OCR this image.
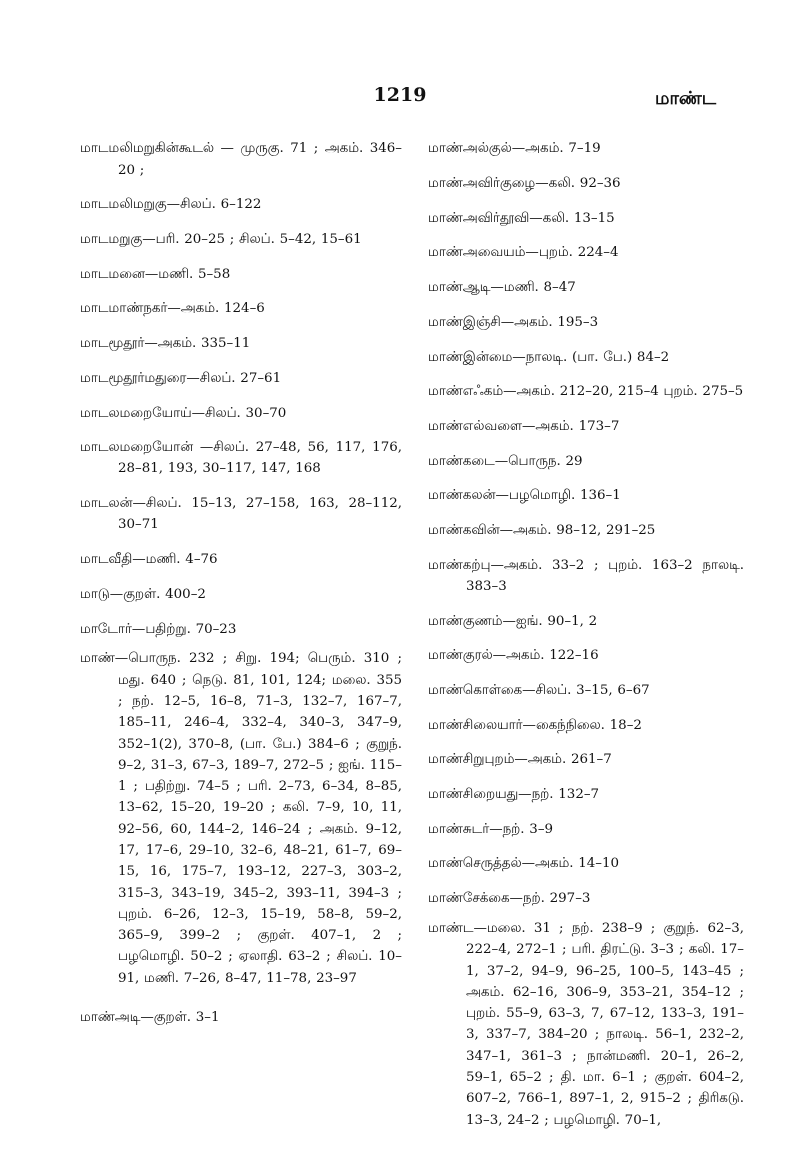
1219	மாண்ட

மாடமலிமறுகின்கூடல் — முருகு. 71 ; அகம். 346–20 ;

மாடமலிமறுகு—சிலப். 6–122

மாடமறுகு—பரி. 20–25 ; சிலப். 5–42, 15–61

மாடமனை—மணி. 5–58

மாடமாண்நகர்—அகம். 124–6

மாடமூதூர்—அகம். 335–11

மாடமூதூர்மதுரை—சிலப். 27–61

மாடலமறையோய்—சிலப். 30–70

மாடலமறையோன் —சிலப். 27–48, 56, 117, 176, 28–81, 193, 30–117, 147, 168

மாடலன்—சிலப். 15–13, 27–158, 163, 28–112, 30–71

மாடவீதி—மணி. 4–76

மாடு—குறள். 400–2

மாடோர்—பதிற்று. 70–23

மாண்—பொருந. 232 ; சிறு. 194; பெரும். 310 ; மது. 640 ; நெடு. 81, 101, 124; மலை. 355 ; நற். 12–5, 16–8, 71–3, 132–7, 167–7, 185–11, 246–4, 332–4, 340–3, 347–9, 352–1(2), 370–8, (பா. பே.) 384–6 ; குறுந். 9–2, 31–3, 67–3, 189–7, 272–5 ; ஐங். 115–1 ; பதிற்று. 74–5 ; பரி. 2–73, 6–34, 8–85, 13–62, 15–20, 19–20 ; கலி. 7–9, 10, 11, 92–56, 60, 144–2, 146–24 ; அகம். 9–12, 17, 17–6, 29–10, 32–6, 48–21, 61–7, 69–15, 16, 175–7, 193–12, 227–3, 303–2, 315–3, 343–19, 345–2, 393–11, 394–3 ; புறம். 6–26, 12–3, 15–19, 58–8, 59–2, 365–9, 399–2 ; குறள். 407–1, 2 ; பழமொழி. 50–2 ; ஏலாதி. 63–2 ; சிலப். 10–91, மணி. 7–26, 8–47, 11–78, 23–97

மாண்அடி—குறள். 3–1

மாண்அல்குல்—அகம். 7–19

மாண்அவிர்குழை—கலி. 92–36

மாண்அவிர்தூவி—கலி. 13–15

மாண்அவையம்—புறம். 224–4

மாண்ஆடி—மணி. 8–47

மாண்இஞ்சி—அகம். 195–3

மாண்இன்மை—நாலடி. (பா. பே.) 84–2

மாண்எஃகம்—அகம். 212–20, 215–4 புறம். 275–5

மாண்எல்வளை—அகம். 173–7

மாண்கடை—பொருந. 29

மாண்கலன்—பழமொழி. 136–1

மாண்கவின்—அகம். 98–12, 291–25

மாண்கற்பு—அகம். 33–2 ; புறம். 163–2 நாலடி. 383–3

மாண்குணம்—ஐங். 90–1, 2

மாண்குரல்—அகம். 122–16

மாண்கொள்கை—சிலப். 3–15, 6–67

மாண்சிலையார்—கைந்நிலை. 18–2

மாண்சிறுபுறம்—அகம். 261–7

மாண்சிறையது—நற். 132–7

மாண்சுடர்—நற். 3–9

மாண்செருத்தல்—அகம். 14–10

மாண்சேக்கை—நற். 297–3

மாண்ட—மலை. 31 ; நற். 238–9 ; குறுந். 62–3, 222–4, 272–1 ; பரி. திரட்டு. 3–3 ; கலி. 17–1, 37–2, 94–9, 96–25, 100–5, 143–45 ; அகம். 62–16, 306–9, 353–21, 354–12 ; புறம். 55–9, 63–3, 7, 67–12, 133–3, 191–3, 337–7, 384–20 ; நாலடி. 56–1, 232–2, 347–1, 361–3 ; நான்மணி. 20–1, 26–2, 59–1, 65–2 ; தி. மா. 6–1 ; குறள். 604–2, 607–2, 766–1, 897–1, 2, 915–2 ; திரிகடு. 13–3, 24–2 ; பழமொழி. 70–1,
